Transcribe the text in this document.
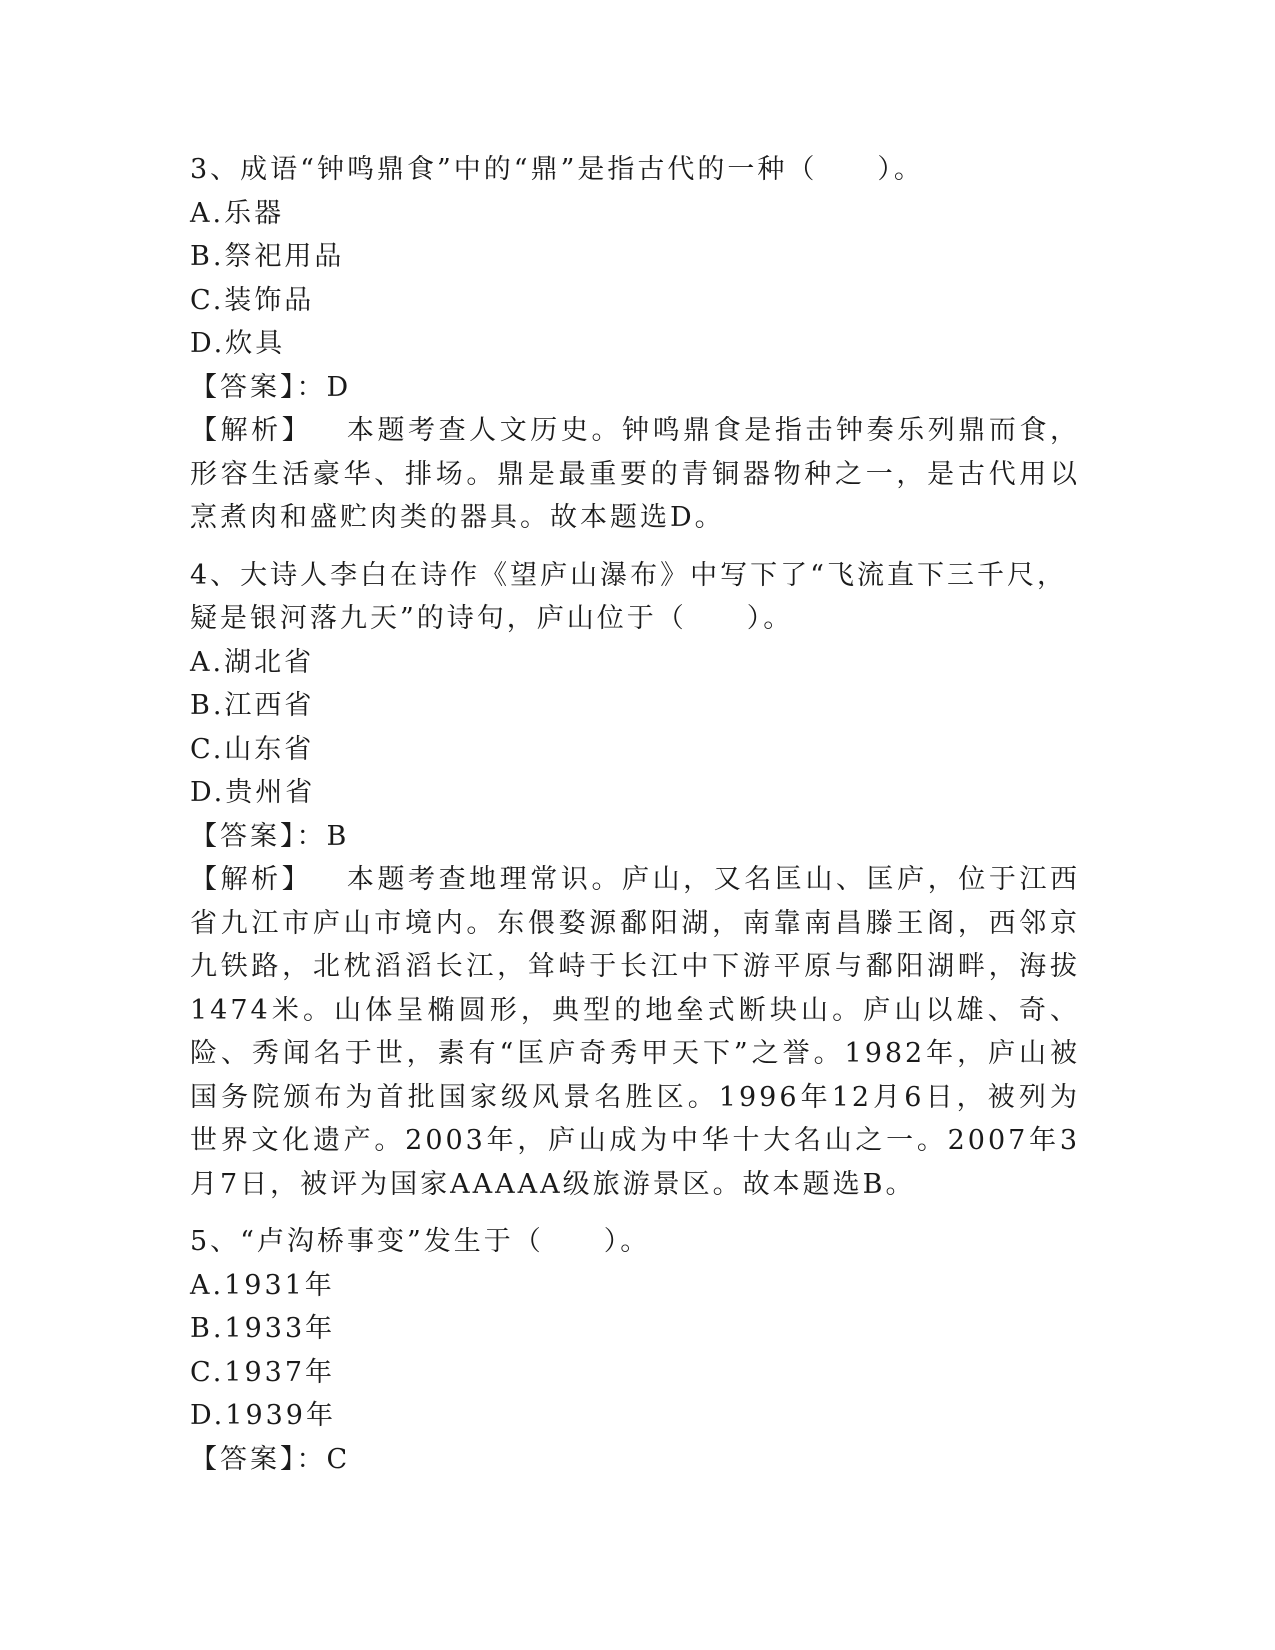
3、成语“钟鸣鼎食”中的“鼎”是指古代的一种（　　）。

A.乐器

B.祭祀用品

C.装饰品

D.炊具

【答案】：D

【解析】 本题考查人文历史。钟鸣鼎食是指击钟奏乐列鼎而食，形容生活豪华、排场。鼎是最重要的青铜器物种之一，是古代用以烹煮肉和盛贮肉类的器具。故本题选D。

4、大诗人李白在诗作《望庐山瀑布》中写下了“飞流直下三千尺，疑是银河落九天”的诗句，庐山位于（　　）。

A.湖北省

B.江西省

C.山东省

D.贵州省

【答案】：B

【解析】 本题考查地理常识。庐山，又名匡山、匡庐，位于江西省九江市庐山市境内。东偎婺源鄱阳湖，南靠南昌滕王阁，西邻京九铁路，北枕滔滔长江，耸峙于长江中下游平原与鄱阳湖畔，海拔1474米。山体呈椭圆形，典型的地垒式断块山。庐山以雄、奇、险、秀闻名于世，素有“匡庐奇秀甲天下”之誉。1982年，庐山被国务院颁布为首批国家级风景名胜区。1996年12月6日，被列为世界文化遗产。2003年，庐山成为中华十大名山之一。2007年3月7日，被评为国家AAAAA级旅游景区。故本题选B。

5、“卢沟桥事变”发生于（　　）。

A.1931年

B.1933年

C.1937年

D.1939年

【答案】：C
